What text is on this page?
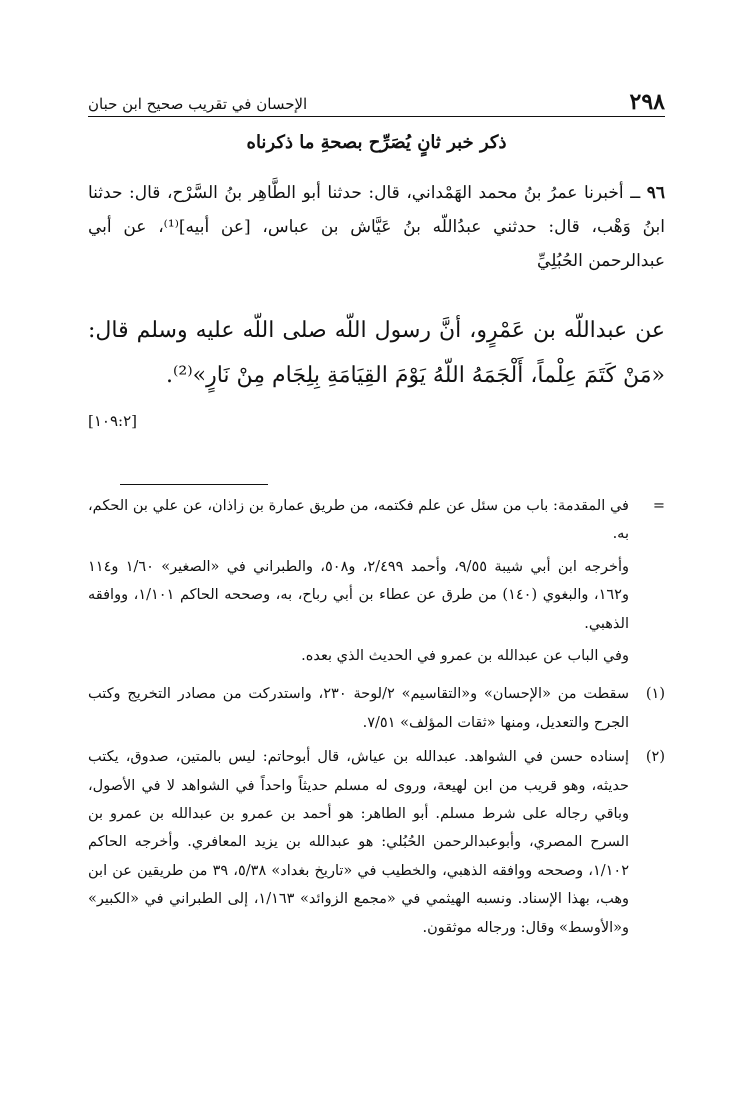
٢٩٨
الإحسان في تقريب صحيح ابن حبان
ذكر خبر ثانٍ يُصَرِّح بصحةِ ما ذكرناه
٩٦ ــ أخبرنا عمرُ بنُ محمد الهَمْداني، قال: حدثنا أبو الطَّاهِر بنُ السَّرْح، قال: حدثنا ابنُ وَهْب، قال: حدثني عبدُاللّه بنُ عَيَّاش بن عباس، [عن أبيه]⁽¹⁾، عن أبي عبدالرحمن الحُبُلِيِّ
عن عبداللّه بن عَمْرٍو، أنَّ رسول اللّه صلى اللّه عليه وسلم قال: «مَنْ كَتَمَ عِلْماً، أَلْجَمَهُ اللّهُ يَوْمَ القِيَامَةِ بِلِجَام مِنْ نَارٍ»⁽²⁾.
[١٠٩:٢]
=

في المقدمة: باب من سئل عن علم فكتمه، من طريق عمارة بن زاذان، عن علي بن الحكم، به.

وأخرجه ابن أبي شيبة ٩/٥٥، وأحمد ٢/٤٩٩، و٥٠٨، والطبراني في «الصغير» ١/٦٠ و١١٤ و١٦٢، والبغوي (١٤٠) من طرق عن عطاء بن أبي رباح، به، وصححه الحاكم ١/١٠١، ووافقه الذهبي.

وفي الباب عن عبدالله بن عمرو في الحديث الذي بعده.

(١)
سقطت من «الإحسان» و«التقاسيم» ٢/لوحة ٢٣٠، واستدركت من مصادر التخريج وكتب الجرح والتعديل، ومنها «ثقات المؤلف» ٧/٥١.
(٢)
إسناده حسن في الشواهد. عبدالله بن عياش، قال أبوحاتم: ليس بالمتين، صدوق، يكتب حديثه، وهو قريب من ابن لهيعة، وروى له مسلم حديثاً واحداً في الشواهد لا في الأصول، وباقي رجاله على شرط مسلم. أبو الطاهر: هو أحمد بن عمرو بن عبدالله بن عمرو بن السرح المصري، وأبوعبدالرحمن الحُبُلي: هو عبدالله بن يزيد المعافري. وأخرجه الحاكم ١/١٠٢، وصححه ووافقه الذهبي، والخطيب في «تاريخ بغداد» ٥/٣٨، ٣٩ من طريقين عن ابن وهب، بهذا الإسناد. ونسبه الهيثمي في «مجمع الزوائد» ١/١٦٣، إلى الطبراني في «الكبير» و«الأوسط» وقال: ورجاله موثقون.
